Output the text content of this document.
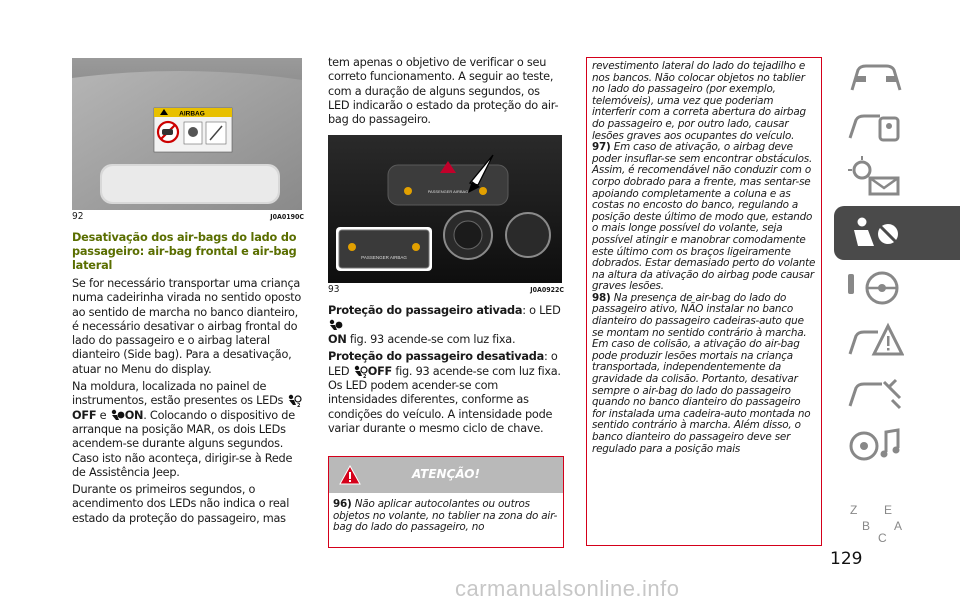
AIRBAG
92	J0A0190C
Desativação dos air-bags do lado do passageiro: air-bag frontal e air-bag lateral

Se for necessário transportar uma criança numa cadeirinha virada no sentido oposto ao sentido de marcha no banco dianteiro, é necessário desativar o airbag frontal do lado do passageiro e o airbag lateral dianteiro (Side bag). Para a desativação, atuar no Menu do display.

Na moldura, localizada no painel de instrumentos, estão presentes os LEDs	2
OFF e ON. Colocando o dispositivo de arranque na posição MAR, os dois LEDs acendem-se durante alguns segundos. Caso isto não aconteça, dirigir-se à Rede de Assistência Jeep.

Durante os primeiros segundos, o acendimento dos LEDs não indica o real estado da proteção do passageiro, mas

tem apenas o objetivo de verificar o seu correto funcionamento. A seguir ao teste, com a duração de alguns segundos, os LED indicarão o estado da proteção do air-bag do passageiro.

PASSENGER AIRBAG
PASSENGER AIRBAG
93	J0A0922C

Proteção do passageiro ativada: o LED
ON fig. 93 acende-se com luz fixa.

Proteção do passageiro desativada: o LED	2 OFF fig. 93 acende-se com luz fixa. Os LED podem acender-se com intensidades diferentes, conforme as condições do veículo. A intensidade pode variar durante o mesmo ciclo de chave.

ATENÇÃO!

96) Não aplicar autocolantes ou outros objetos no volante, no tablier na zona do air-bag do lado do passageiro, no

revestimento lateral do lado do tejadilho e nos bancos. Não colocar objetos no tablier no lado do passageiro (por exemplo, telemóveis), uma vez que poderiam interferir com a correta abertura do airbag do passageiro e, por outro lado, causar lesões graves aos ocupantes do veículo.

97) Em caso de ativação, o airbag deve poder insuflar-se sem encontrar obstáculos. Assim, é recomendável não conduzir com o corpo dobrado para a frente, mas sentar-se apoiando completamente a coluna e as costas no encosto do banco, regulando a posição deste último de modo que, estando o mais longe possível do volante, seja possível atingir e manobrar comodamente este último com os braços ligeiramente dobrados. Estar demasiado perto do volante na altura da ativação do airbag pode causar graves lesões.

98) Na presença de air-bag do lado do passageiro ativo, NÃO instalar no banco dianteiro do passageiro cadeiras-auto que se montam no sentido contrário à marcha. Em caso de colisão, a ativação do air-bag pode produzir lesões mortais na criança transportada, independentemente da gravidade da colisão. Portanto, desativar sempre o air-bag do lado do passageiro quando no banco dianteiro do passageiro for instalada uma cadeira-auto montada no sentido contrário à marcha. Além disso, o banco dianteiro do passageiro deve ser regulado para a posição mais

Z E
B
C
A
129
carmanualsonline.info
